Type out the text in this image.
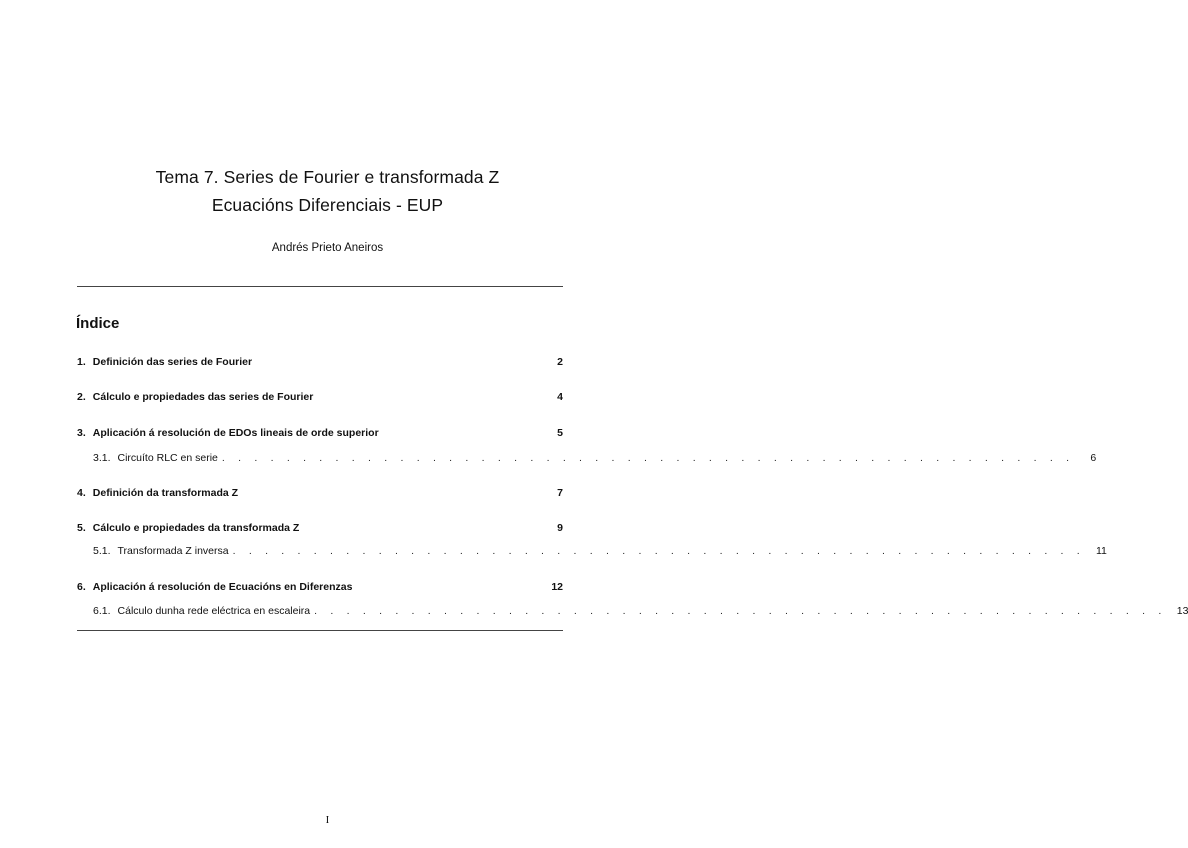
Tema 7. Series de Fourier e transformada Z
Ecuacións Diferenciais - EUP
Andrés Prieto Aneiros
Índice
1. Definición das series de Fourier	2
2. Cálculo e propiedades das series de Fourier	4
3. Aplicación á resolución de EDOs lineais de orde superior	5
3.1. Circuíto RLC en serie . . . . . . . . . . . . . . . . . . . . . . . . . . . . . . . . . . . . . . . . . . . . . . . . . . . . .	6
4. Definición da transformada Z	7
5. Cálculo e propiedades da transformada Z	9
5.1. Transformada Z inversa . . . . . . . . . . . . . . . . . . . . . . . . . . . . . . . . . . . . . . . . . . . . . . . . . . . . . 11
6. Aplicación á resolución de Ecuacións en Diferenzas	12
6.1. Cálculo dunha rede eléctrica en escaleira . . . . . . . . . . . . . . . . . . . . . . . . . . . . . . . . . . . . . . . . . . . . . . . . . . . . . 13
I
